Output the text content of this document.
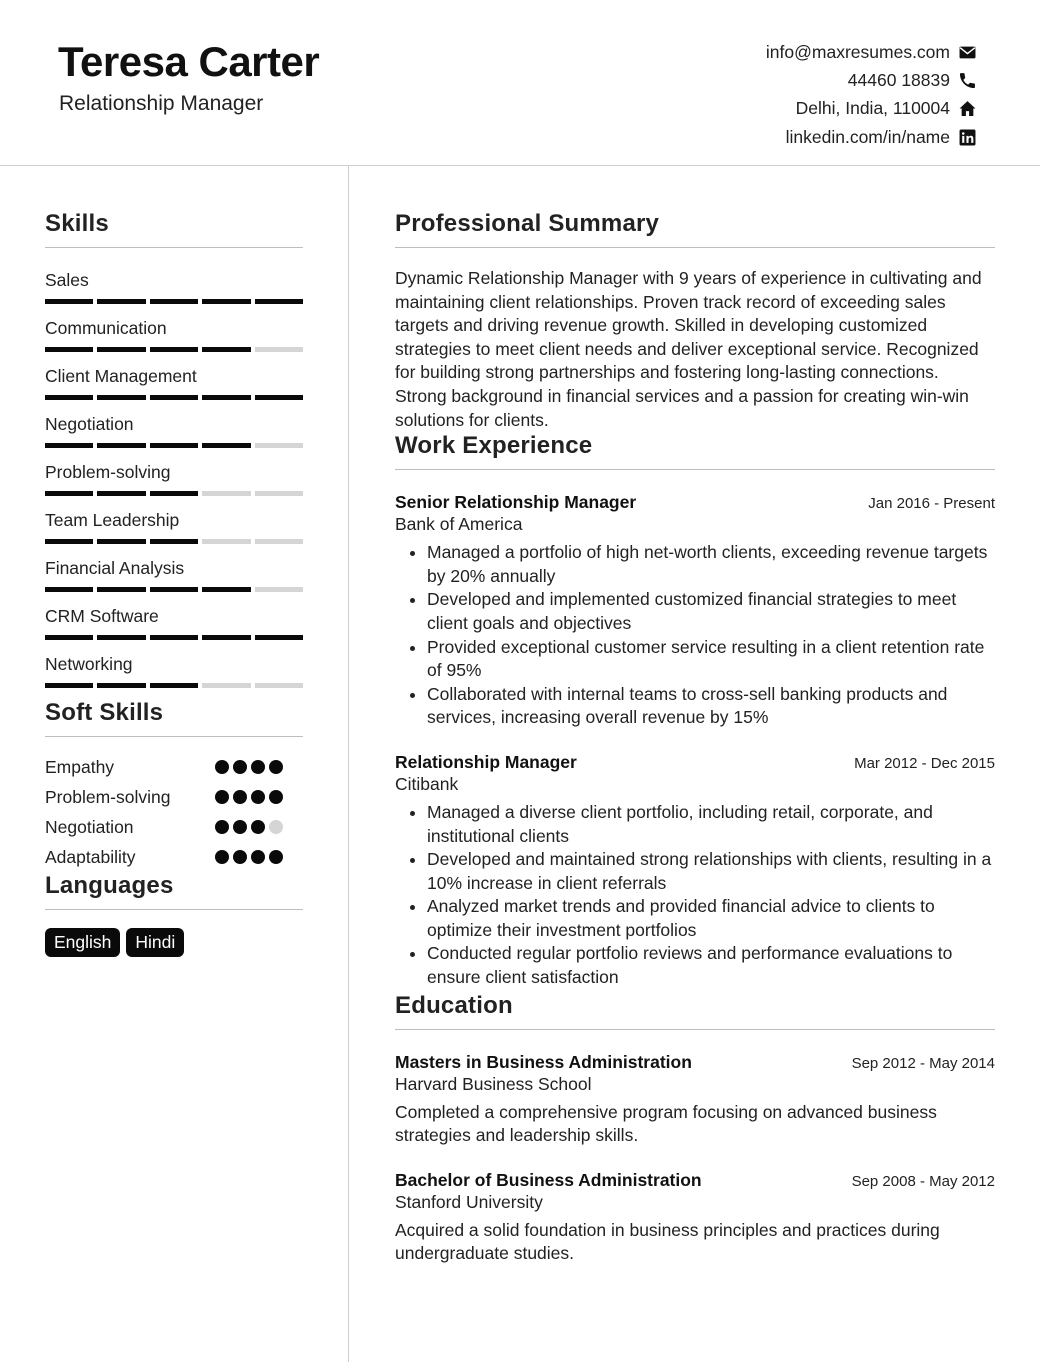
Teresa Carter
Relationship Manager
info@maxresumes.com
44460 18839
Delhi, India, 110004
linkedin.com/in/name
Skills
Sales
Communication
Client Management
Negotiation
Problem-solving
Team Leadership
Financial Analysis
CRM Software
Networking
Soft Skills
Empathy
Problem-solving
Negotiation
Adaptability
Languages
English	Hindi
Professional Summary
Dynamic Relationship Manager with 9 years of experience in cultivating and maintaining client relationships. Proven track record of exceeding sales targets and driving revenue growth. Skilled in developing customized strategies to meet client needs and deliver exceptional service. Recognized for building strong partnerships and fostering long-lasting connections. Strong background in financial services and a passion for creating win-win solutions for clients.
Work Experience
Senior Relationship Manager	Jan 2016 - Present
Bank of America
• Managed a portfolio of high net-worth clients, exceeding revenue targets by 20% annually
• Developed and implemented customized financial strategies to meet client goals and objectives
• Provided exceptional customer service resulting in a client retention rate of 95%
• Collaborated with internal teams to cross-sell banking products and services, increasing overall revenue by 15%
Relationship Manager	Mar 2012 - Dec 2015
Citibank
• Managed a diverse client portfolio, including retail, corporate, and institutional clients
• Developed and maintained strong relationships with clients, resulting in a 10% increase in client referrals
• Analyzed market trends and provided financial advice to clients to optimize their investment portfolios
• Conducted regular portfolio reviews and performance evaluations to ensure client satisfaction
Education
Masters in Business Administration	Sep 2012 - May 2014
Harvard Business School
Completed a comprehensive program focusing on advanced business strategies and leadership skills.
Bachelor of Business Administration	Sep 2008 - May 2012
Stanford University
Acquired a solid foundation in business principles and practices during undergraduate studies.
